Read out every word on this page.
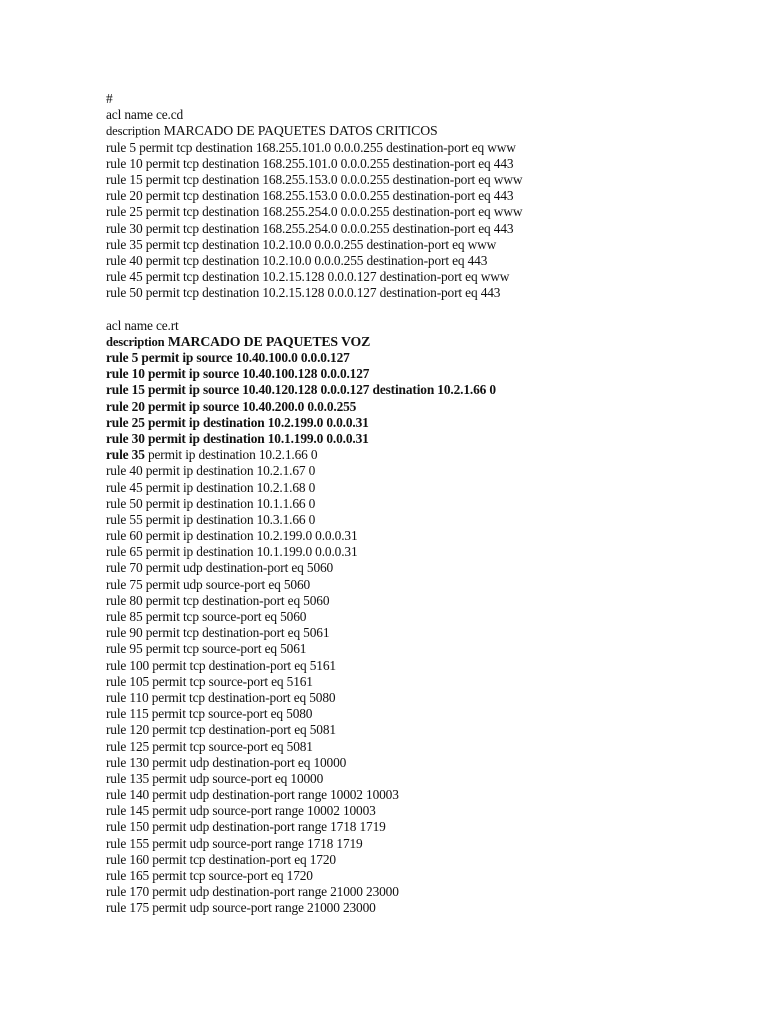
#
acl name ce.cd
description MARCADO DE PAQUETES DATOS CRITICOS
rule 5 permit tcp destination 168.255.101.0 0.0.0.255 destination-port eq www
rule 10 permit tcp destination 168.255.101.0 0.0.0.255 destination-port eq 443
rule 15 permit tcp destination 168.255.153.0 0.0.0.255 destination-port eq www
rule 20 permit tcp destination 168.255.153.0 0.0.0.255 destination-port eq 443
rule 25 permit tcp destination 168.255.254.0 0.0.0.255 destination-port eq www
rule 30 permit tcp destination 168.255.254.0 0.0.0.255 destination-port eq 443
rule 35 permit tcp destination 10.2.10.0 0.0.0.255 destination-port eq www
rule 40 permit tcp destination 10.2.10.0 0.0.0.255 destination-port eq 443
rule 45 permit tcp destination 10.2.15.128 0.0.0.127 destination-port eq www
rule 50 permit tcp destination 10.2.15.128 0.0.0.127 destination-port eq 443
acl name ce.rt
description MARCADO DE PAQUETES VOZ
rule 5 permit ip source 10.40.100.0 0.0.0.127
rule 10 permit ip source 10.40.100.128 0.0.0.127
rule 15 permit ip source 10.40.120.128 0.0.0.127 destination 10.2.1.66 0
rule 20 permit ip source 10.40.200.0 0.0.0.255
rule 25 permit ip destination 10.2.199.0 0.0.0.31
rule 30 permit ip destination 10.1.199.0 0.0.0.31
rule 35 permit ip destination 10.2.1.66 0
rule 40 permit ip destination 10.2.1.67 0
rule 45 permit ip destination 10.2.1.68 0
rule 50 permit ip destination 10.1.1.66 0
rule 55 permit ip destination 10.3.1.66 0
rule 60 permit ip destination 10.2.199.0 0.0.0.31
rule 65 permit ip destination 10.1.199.0 0.0.0.31
rule 70 permit udp destination-port eq 5060
rule 75 permit udp source-port eq 5060
rule 80 permit tcp destination-port eq 5060
rule 85 permit tcp source-port eq 5060
rule 90 permit tcp destination-port eq 5061
rule 95 permit tcp source-port eq 5061
rule 100 permit tcp destination-port eq 5161
rule 105 permit tcp source-port eq 5161
rule 110 permit tcp destination-port eq 5080
rule 115 permit tcp source-port eq 5080
rule 120 permit tcp destination-port eq 5081
rule 125 permit tcp source-port eq 5081
rule 130 permit udp destination-port eq 10000
rule 135 permit udp source-port eq 10000
rule 140 permit udp destination-port range 10002 10003
rule 145 permit udp source-port range 10002 10003
rule 150 permit udp destination-port range 1718 1719
rule 155 permit udp source-port range 1718 1719
rule 160 permit tcp destination-port eq 1720
rule 165 permit tcp source-port eq 1720
rule 170 permit udp destination-port range 21000 23000
rule 175 permit udp source-port range 21000 23000
